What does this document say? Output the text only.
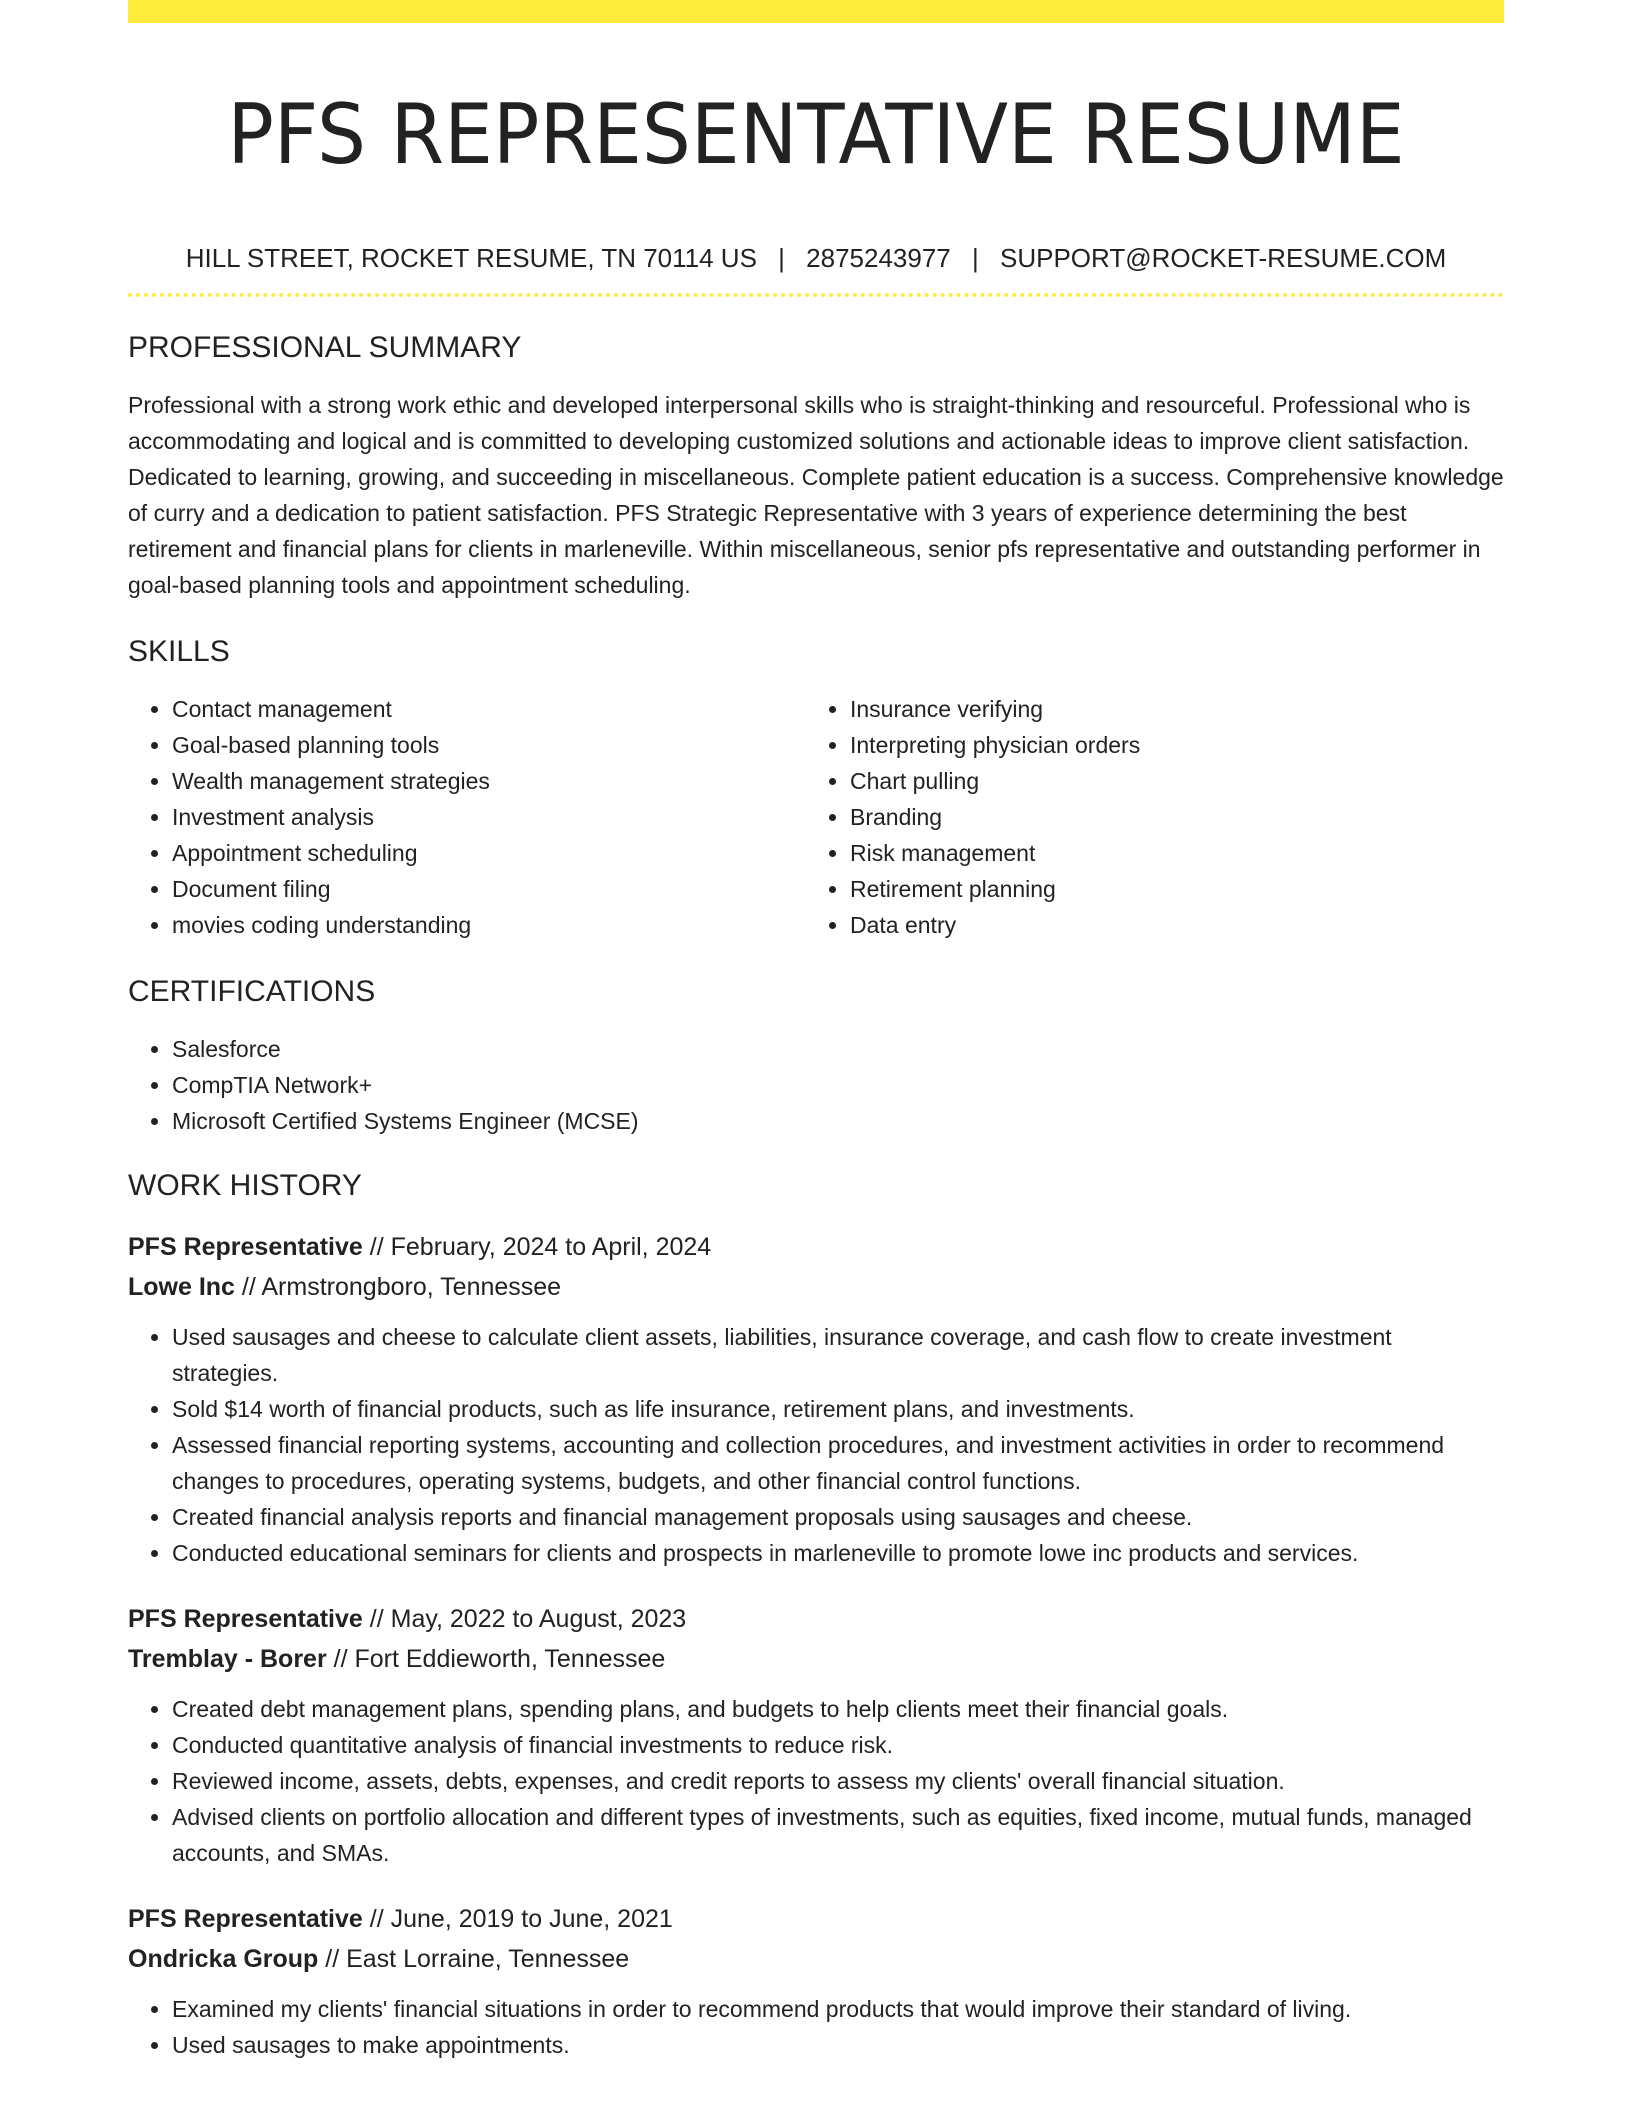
PFS REPRESENTATIVE RESUME
HILL STREET, ROCKET RESUME, TN 70114 US | 2875243977 | SUPPORT@ROCKET-RESUME.COM
PROFESSIONAL SUMMARY

Professional with a strong work ethic and developed interpersonal skills who is straight-thinking and resourceful. Professional who is accommodating and logical and is committed to developing customized solutions and actionable ideas to improve client satisfaction. Dedicated to learning, growing, and succeeding in miscellaneous. Complete patient education is a success. Comprehensive knowledge of curry and a dedication to patient satisfaction. PFS Strategic Representative with 3 years of experience determining the best retirement and financial plans for clients in marleneville. Within miscellaneous, senior pfs representative and outstanding performer in goal-based planning tools and appointment scheduling.

SKILLS
• Contact management
• Goal-based planning tools
• Wealth management strategies
• Investment analysis
• Appointment scheduling
• Document filing
• movies coding understanding
• Insurance verifying
• Interpreting physician orders
• Chart pulling
• Branding
• Risk management
• Retirement planning
• Data entry
CERTIFICATIONS
• Salesforce
• CompTIA Network+
• Microsoft Certified Systems Engineer (MCSE)
WORK HISTORY
PFS Representative // February, 2024 to April, 2024
Lowe Inc // Armstrongboro, Tennessee
• Used sausages and cheese to calculate client assets, liabilities, insurance coverage, and cash flow to create investment strategies.
• Sold $14 worth of financial products, such as life insurance, retirement plans, and investments.
• Assessed financial reporting systems, accounting and collection procedures, and investment activities in order to recommend changes to procedures, operating systems, budgets, and other financial control functions.
• Created financial analysis reports and financial management proposals using sausages and cheese.
• Conducted educational seminars for clients and prospects in marleneville to promote lowe inc products and services.
PFS Representative // May, 2022 to August, 2023
Tremblay - Borer // Fort Eddieworth, Tennessee
• Created debt management plans, spending plans, and budgets to help clients meet their financial goals.
• Conducted quantitative analysis of financial investments to reduce risk.
• Reviewed income, assets, debts, expenses, and credit reports to assess my clients' overall financial situation.
• Advised clients on portfolio allocation and different types of investments, such as equities, fixed income, mutual funds, managed accounts, and SMAs.
PFS Representative // June, 2019 to June, 2021
Ondricka Group // East Lorraine, Tennessee
• Examined my clients' financial situations in order to recommend products that would improve their standard of living.
• Used sausages to make appointments.
